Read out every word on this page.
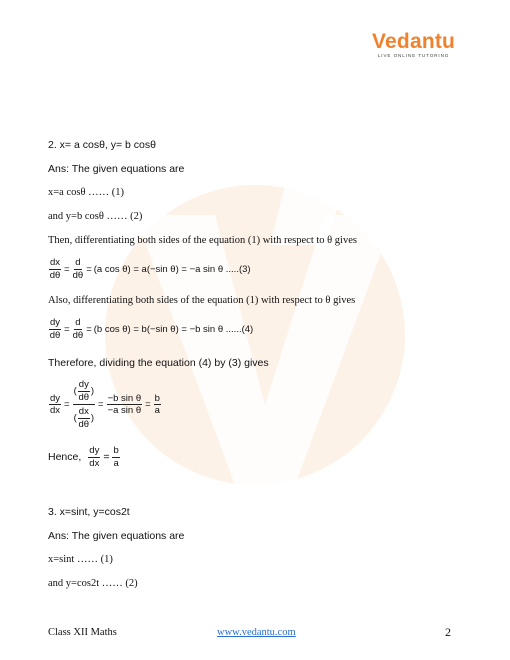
Vedantu
LIVE ONLINE TUTORING
2. x= a cosθ, y= b cosθ
Ans: The given equations are
x=a cosθ …… (1)
and y=b cosθ …… (2)
Then, differentiating both sides of the equation (1) with respect to θ gives
$\frac{dx}{d\theta} = \frac{d}{d\theta} = (a$ cos θ) = a(−sin θ) = −a sin θ .....(3)
Also, differentiating both sides of the equation (1) with respect to θ gives
$\frac{dy}{d\theta} = \frac{d}{d\theta} = (b$ cos θ) = b(−sin θ) = −b sin θ ......(4)
Therefore, dividing the equation (4) by (3) gives
$\frac{dy}{dx} = \frac{( \frac{dy}{d\theta} )}{( \frac{dx}{d\theta} )} = \frac{\text{−b sin θ}}{\text{−a sin θ}} = \frac{b}{a}$
Hence, $\frac{dy}{dx} = \frac{b}{a}$
3. x=sint, y=cos2t
Ans: The given equations are
x=sint …… (1)
and y=cos2t …… (2)
Class XII Maths	www.vedantu.com	2
